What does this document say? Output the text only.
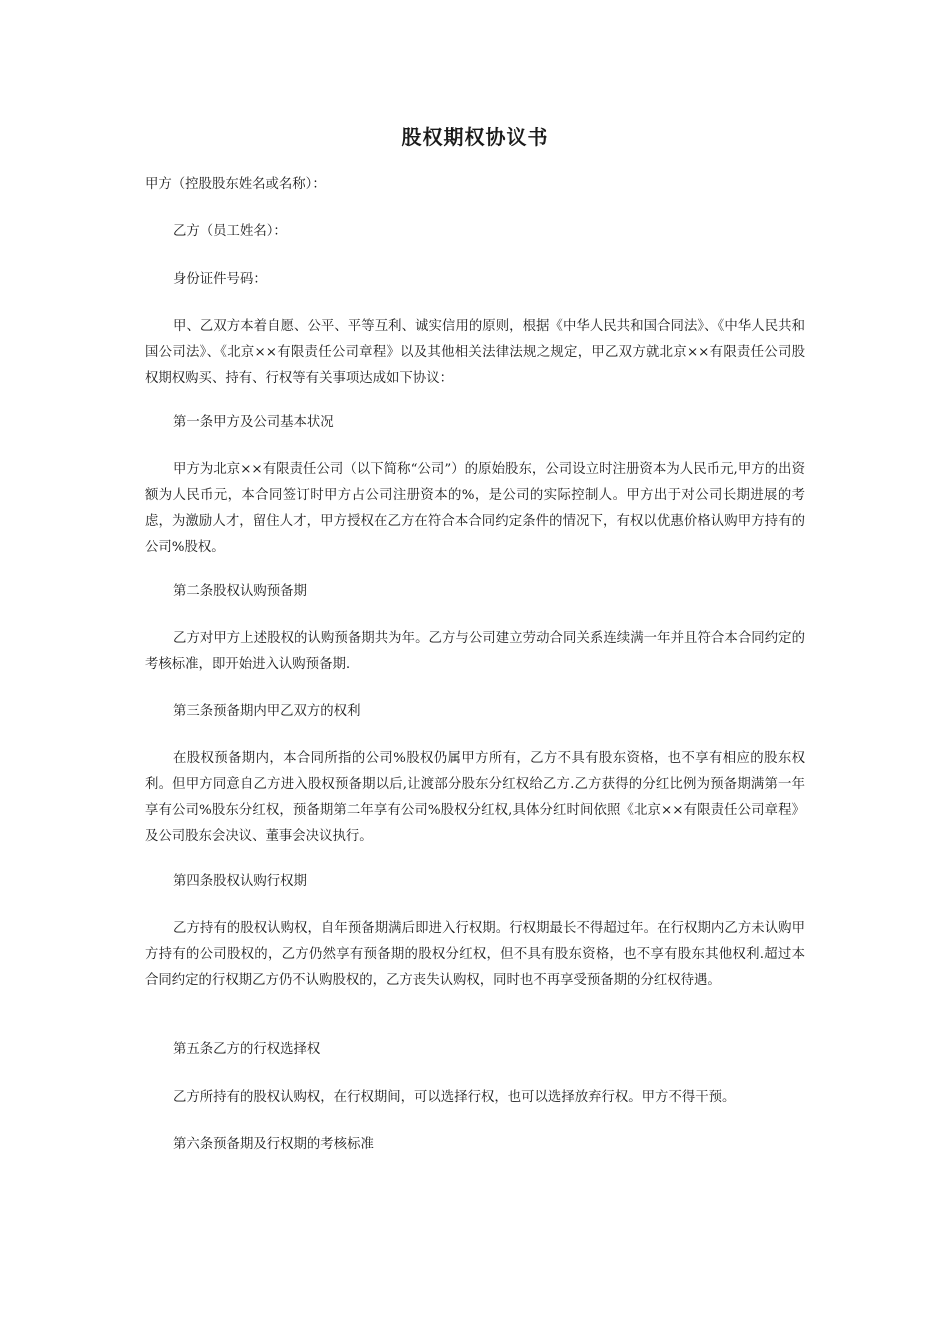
股权期权协议书

甲方（控股股东姓名或名称）：

乙方（员工姓名）：

身份证件号码：

甲、乙双方本着自愿、公平、平等互利、诚实信用的原则，根据《中华人民共和国合同法》、《中华人民共和国公司法》、《北京××有限责任公司章程》以及其他相关法律法规之规定，甲乙双方就北京××有限责任公司股权期权购买、持有、行权等有关事项达成如下协议：

第一条甲方及公司基本状况

甲方为北京××有限责任公司（以下简称“公司”）的原始股东，公司设立时注册资本为人民币元,甲方的出资额为人民币元，本合同签订时甲方占公司注册资本的%，是公司的实际控制人。甲方出于对公司长期进展的考虑，为激励人才，留住人才，甲方授权在乙方在符合本合同约定条件的情况下，有权以优惠价格认购甲方持有的公司%股权。

第二条股权认购预备期

乙方对甲方上述股权的认购预备期共为年。乙方与公司建立劳动合同关系连续满一年并且符合本合同约定的考核标准，即开始进入认购预备期.

第三条预备期内甲乙双方的权利

在股权预备期内，本合同所指的公司%股权仍属甲方所有，乙方不具有股东资格，也不享有相应的股东权利。但甲方同意自乙方进入股权预备期以后,让渡部分股东分红权给乙方.乙方获得的分红比例为预备期满第一年享有公司%股东分红权，预备期第二年享有公司%股权分红权,具体分红时间依照《北京××有限责任公司章程》及公司股东会决议、董事会决议执行。

第四条股权认购行权期

乙方持有的股权认购权，自年预备期满后即进入行权期。行权期最长不得超过年。在行权期内乙方未认购甲方持有的公司股权的，乙方仍然享有预备期的股权分红权，但不具有股东资格，也不享有股东其他权利.超过本合同约定的行权期乙方仍不认购股权的，乙方丧失认购权，同时也不再享受预备期的分红权待遇。

第五条乙方的行权选择权

乙方所持有的股权认购权，在行权期间，可以选择行权，也可以选择放弃行权。甲方不得干预。

第六条预备期及行权期的考核标准
